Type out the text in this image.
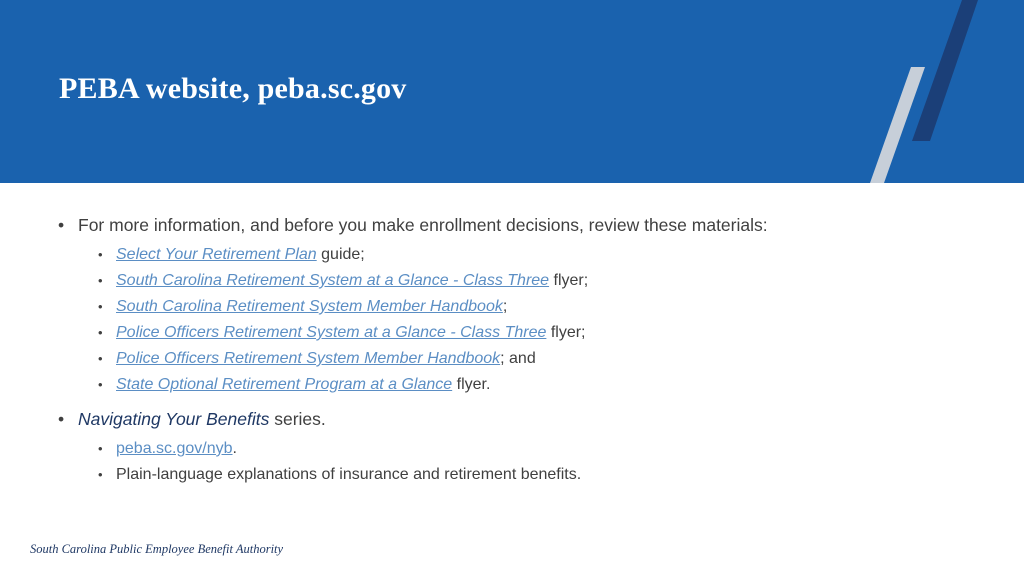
PEBA website, peba.sc.gov
• For more information, and before you make enrollment decisions, review these materials:
• Select Your Retirement Plan guide;
• South Carolina Retirement System at a Glance - Class Three flyer;
• South Carolina Retirement System Member Handbook;
• Police Officers Retirement System at a Glance - Class Three flyer;
• Police Officers Retirement System Member Handbook; and
• State Optional Retirement Program at a Glance flyer.
• Navigating Your Benefits series.
• peba.sc.gov/nyb.
• Plain-language explanations of insurance and retirement benefits.
South Carolina Public Employee Benefit Authority
